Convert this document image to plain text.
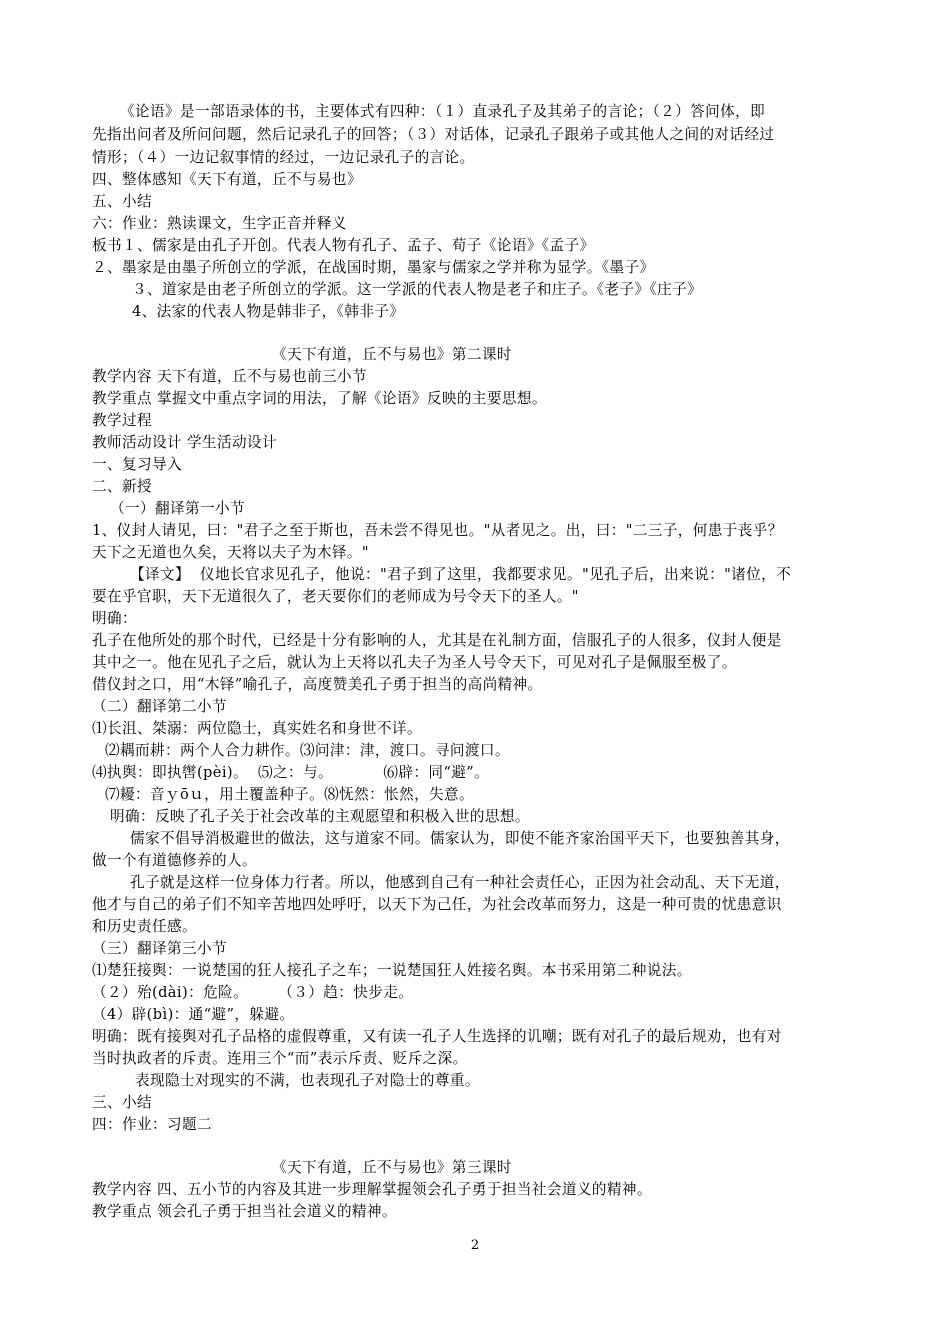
《论语》是一部语录体的书，主要体式有四种：（１）直录孔子及其弟子的言论；（２）答问体，即
先指出问者及所问问题，然后记录孔子的回答；（３）对话体，记录孔子跟弟子或其他人之间的对话经过
情形；（４）一边记叙事情的经过，一边记录孔子的言论。
四、整体感知《天下有道，丘不与易也》
五、小结
六：作业：熟读课文，生字正音并释义
板书１、儒家是由孔子开创。代表人物有孔子、孟子、荀子《论语》《孟子》
２、墨家是由墨子所创立的学派，在战国时期，墨家与儒家之学并称为显学。《墨子》
３、道家是由老子所创立的学派。这一学派的代表人物是老子和庄子。《老子》《庄子》
4、法家的代表人物是韩非子，《韩非子》
《天下有道，丘不与易也》第二课时
教学内容 天下有道，丘不与易也前三小节
教学重点 掌握文中重点字词的用法，了解《论语》反映的主要思想。
教学过程
教师活动设计 学生活动设计
一、复习导入
二、新授
（一）翻译第一小节
1、仪封人请见，曰："君子之至于斯也，吾未尝不得见也。"从者见之。出，曰："二三子，何患于丧乎？
天下之无道也久矣，天将以夫子为木铎。"
【译文】  仪地长官求见孔子，他说："君子到了这里，我都要求见。"见孔子后，出来说："诸位，不
要在乎官职，天下无道很久了，老天要你们的老师成为号令天下的圣人。"
明确：
孔子在他所处的那个时代，已经是十分有影响的人，尤其是在礼制方面，信服孔子的人很多，仪封人便是
其中之一。他在见孔子之后，就认为上天将以孔夫子为圣人号令天下，可见对孔子是佩服至极了。
借仪封之口，用“木铎”喻孔子，高度赞美孔子勇于担当的高尚精神。
（二）翻译第二小节
⑴长沮、桀溺：两位隐士，真实姓名和身世不详。
⑵耦而耕：两个人合力耕作。⑶问津：津，渡口。寻问渡口。
⑷执舆：即执辔(pèi)。  ⑸之：与。          ⑹辟：同“避”。
⑺耰：音ｙōｕ，用土覆盖种子。⑻怃然：怅然，失意。
明确：反映了孔子关于社会改革的主观愿望和积极入世的思想。
儒家不倡导消极避世的做法，这与道家不同。儒家认为，即使不能齐家治国平天下，也要独善其身，
做一个有道德修养的人。
孔子就是这样一位身体力行者。所以，他感到自己有一种社会责任心，正因为社会动乱、天下无道，
他才与自己的弟子们不知辛苦地四处呼吁，以天下为己任，为社会改革而努力，这是一种可贵的忧患意识
和历史责任感。
（三）翻译第三小节
⑴楚狂接舆：一说楚国的狂人接孔子之车；一说楚国狂人姓接名舆。本书采用第二种说法。
（２）殆(dài)：危险。      （３）趋：快步走。
（4）辟(bì)：通“避”，躲避。
明确：既有接舆对孔子品格的虚假尊重，又有读一孔子人生选择的讥嘲；既有对孔子的最后规劝，也有对
当时执政者的斥责。连用三个“而”表示斥责、贬斥之深。
表现隐士对现实的不满，也表现孔子对隐士的尊重。
三、小结
四：作业：习题二
《天下有道，丘不与易也》第三课时
教学内容 四、五小节的内容及其进一步理解掌握领会孔子勇于担当社会道义的精神。
教学重点 领会孔子勇于担当社会道义的精神。
2
